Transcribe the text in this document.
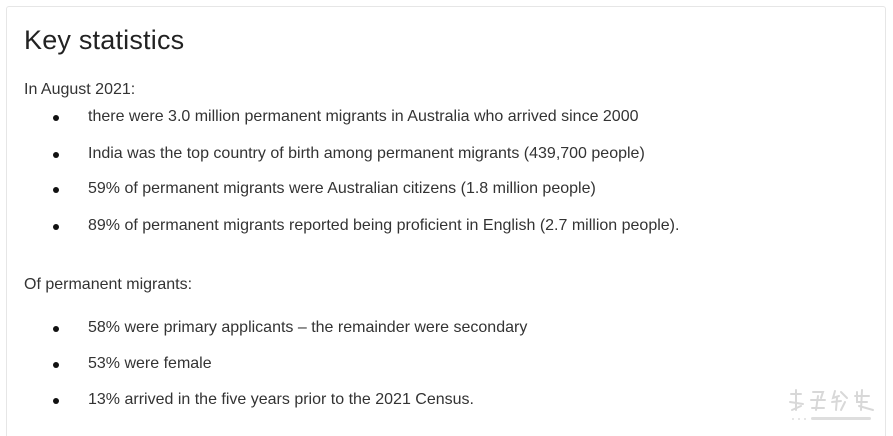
Key statistics

In August 2021:

there were 3.0 million permanent migrants in Australia who arrived since 2000
India was the top country of birth among permanent migrants (439,700 people)
59% of permanent migrants were Australian citizens (1.8 million people)
89% of permanent migrants reported being proficient in English (2.7 million people).

Of permanent migrants:

58% were primary applicants – the remainder were secondary
53% were female
13% arrived in the five years prior to the 2021 Census.
